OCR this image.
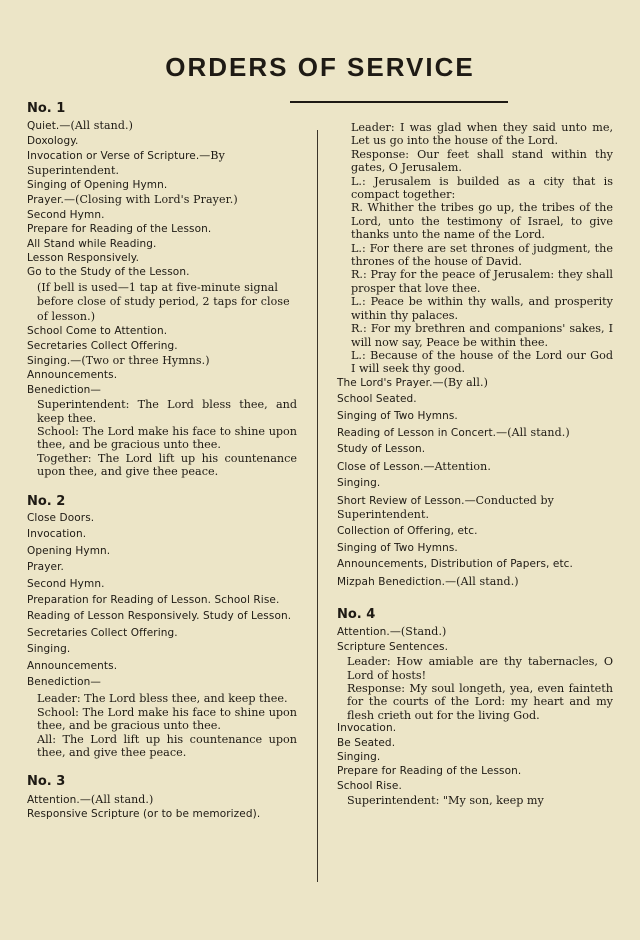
ORDERS OF SERVICE
No. 1

Quiet.—(All stand.)

Doxology.

Invocation or Verse of Scripture.—By Superintendent.

Singing of Opening Hymn.

Prayer.—(Closing with Lord's Prayer.)

Second Hymn.

Prepare for Reading of the Lesson.

All Stand while Reading.

Lesson Responsively.

Go to the Study of the Lesson.

(If bell is used—1 tap at five-minute signal before close of study period, 2 taps for close of lesson.)

School Come to Attention.

Secretaries Collect Offering.

Singing.—(Two or three Hymns.)

Announcements.

Benediction—

Superintendent: The Lord bless thee, and keep thee.

School: The Lord make his face to shine upon thee, and be gracious unto thee.

Together: The Lord lift up his countenance upon thee, and give thee peace.

No. 2

Close Doors.

Invocation.

Opening Hymn.

Prayer.

Second Hymn.

Preparation for Reading of Lesson. School Rise.

Reading of Lesson Responsively. Study of Lesson.

Secretaries Collect Offering.

Singing.

Announcements.

Benediction—

Leader: The Lord bless thee, and keep thee.

School: The Lord make his face to shine upon thee, and be gracious unto thee.

All: The Lord lift up his countenance upon thee, and give thee peace.

No. 3

Attention.—(All stand.)

Responsive Scripture (or to be memorized).

Leader: I was glad when they said unto me, Let us go into the house of the Lord.

Response: Our feet shall stand within thy gates, O Jerusalem.

L.: Jerusalem is builded as a city that is compact together:

R. Whither the tribes go up, the tribes of the Lord, unto the testimony of Israel, to give thanks unto the name of the Lord.

L.: For there are set thrones of judgment, the thrones of the house of David.

R.: Pray for the peace of Jerusalem: they shall prosper that love thee.

L.: Peace be within thy walls, and prosperity within thy palaces.

R.: For my brethren and companions' sakes, I will now say, Peace be within thee.

L.: Because of the house of the Lord our God I will seek thy good.

The Lord's Prayer.—(By all.)

School Seated.

Singing of Two Hymns.

Reading of Lesson in Concert.—(All stand.)

Study of Lesson.

Close of Lesson.—Attention.

Singing.

Short Review of Lesson.—Conducted by Superintendent.

Collection of Offering, etc.

Singing of Two Hymns.

Announcements, Distribution of Papers, etc.

Mizpah Benediction.—(All stand.)

No. 4

Attention.—(Stand.)

Scripture Sentences.

Leader: How amiable are thy tabernacles, O Lord of hosts!

Response: My soul longeth, yea, even fainteth for the courts of the Lord: my heart and my flesh crieth out for the living God.

Invocation.

Be Seated.

Singing.

Prepare for Reading of the Lesson.

School Rise.

Superintendent: "My son, keep my
